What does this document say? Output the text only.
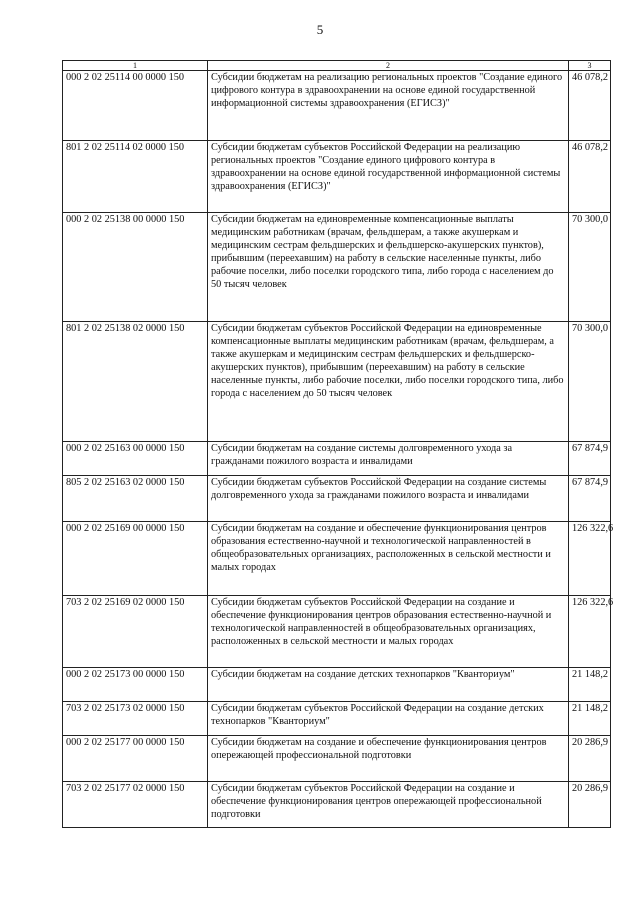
5
1	2	3
000 2 02 25114 00 0000 150	Субсидии бюджетам на реализацию региональных проектов "Создание единого цифрового контура в здравоохранении на основе единой государственной информационной системы здравоохранения (ЕГИСЗ)"	46 078,2
801 2 02 25114 02 0000 150	Субсидии бюджетам субъектов Российской Федерации на реализацию региональных проектов "Создание единого цифрового контура в здравоохранении на основе единой государственной информационной системы здравоохранения (ЕГИСЗ)"	46 078,2
000 2 02 25138 00 0000 150	Субсидии бюджетам на единовременные компенсационные выплаты медицинским работникам (врачам, фельдшерам, а также акушеркам и медицинским сестрам фельдшерских и фельдшерско-акушерских пунктов), прибывшим (переехавшим) на работу в сельские населенные пункты, либо рабочие поселки, либо поселки городского типа, либо города с населением до 50 тысяч человек	70 300,0
801 2 02 25138 02 0000 150	Субсидии бюджетам субъектов Российской Федерации на единовременные компенсационные выплаты медицинским работникам (врачам, фельдшерам, а также акушеркам и медицинским сестрам фельдшерских и фельдшерско-акушерских пунктов), прибывшим (переехавшим) на работу в сельские населенные пункты, либо рабочие поселки, либо поселки городского типа, либо города с населением до 50 тысяч человек	70 300,0
000 2 02 25163 00 0000 150	Субсидии бюджетам на создание системы долговременного ухода за гражданами пожилого возраста и инвалидами	67 874,9
805 2 02 25163 02 0000 150	Субсидии бюджетам субъектов Российской Федерации на создание системы долговременного ухода за гражданами пожилого возраста и инвалидами	67 874,9
000 2 02 25169 00 0000 150	Субсидии бюджетам на создание и обеспечение функционирования центров образования естественно-научной и технологической направленностей в общеобразовательных организациях, расположенных в сельской местности и малых городах	126 322,6
703 2 02 25169 02 0000 150	Субсидии бюджетам субъектов Российской Федерации на создание и обеспечение функционирования центров образования естественно-научной и технологической направленностей в общеобразовательных организациях, расположенных в сельской местности и малых городах	126 322,6
000 2 02 25173 00 0000 150	Субсидии бюджетам на создание детских технопарков "Кванториум"	21 148,2
703 2 02 25173 02 0000 150	Субсидии бюджетам субъектов Российской Федерации на создание детских технопарков "Кванториум"	21 148,2
000 2 02 25177 00 0000 150	Субсидии бюджетам на создание и обеспечение функционирования центров опережающей профессиональной подготовки	20 286,9
703 2 02 25177 02 0000 150	Субсидии бюджетам субъектов Российской Федерации на создание и обеспечение функционирования центров опережающей профессиональной подготовки	20 286,9
